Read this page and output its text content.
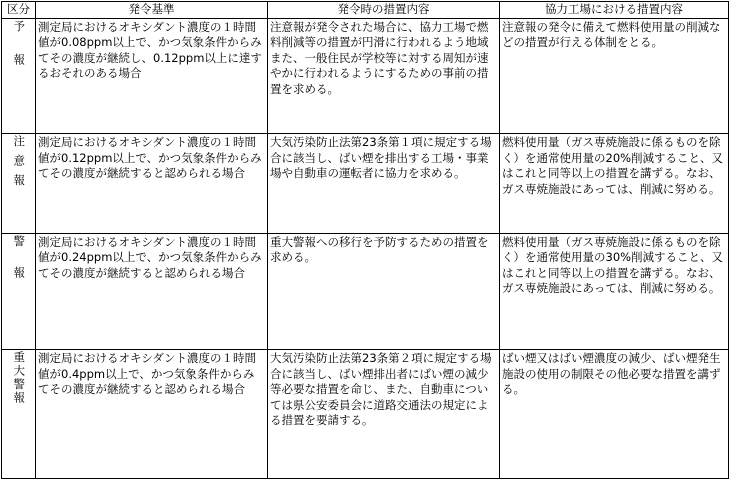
区分	発令基準	発令時の措置内容	協力工場における措置内容
予報	測定局におけるオキシダント濃度の１時間値が0.08ppm以上で、かつ気象条件からみてその濃度が継続し、0.12ppm以上に達するおそれのある場合	注意報が発令された場合に、協力工場で燃料削減等の措置が円滑に行われるよう地域また、一般住民が学校等に対する周知が速やかに行われるようにするための事前の措置を求める。	注意報の発令に備えて燃料使用量の削減などの措置が行える体制をとる。
注意報	測定局におけるオキシダント濃度の１時間値が0.12ppm以上で、かつ気象条件からみてその濃度が継続すると認められる場合	大気汚染防止法第23条第１項に規定する場合に該当し、ばい煙を排出する工場・事業場や自動車の運転者に協力を求める。	燃料使用量（ガス専焼施設に係るものを除く）を通常使用量の20%削減すること、又はこれと同等以上の措置を講ずる。なお、ガス専焼施設にあっては、削減に努める。
警報	測定局におけるオキシダント濃度の１時間値が0.24ppm以上で、かつ気象条件からみてその濃度が継続すると認められる場合	重大警報への移行を予防するための措置を求める。	燃料使用量（ガス専焼施設に係るものを除く）を通常使用量の30%削減すること、又はこれと同等以上の措置を講ずる。なお、ガス専焼施設にあっては、削減に努める。
重大警報	測定局におけるオキシダント濃度の１時間値が0.4ppm以上で、かつ気象条件からみてその濃度が継続すると認められる場合	大気汚染防止法第23条第２項に規定する場合に該当し、ばい煙排出者にばい煙の減少等必要な措置を命じ、また、自動車については県公安委員会に道路交通法の規定による措置を要請する。	ばい煙又はばい煙濃度の減少、ばい煙発生施設の使用の制限その他必要な措置を講ずる。
